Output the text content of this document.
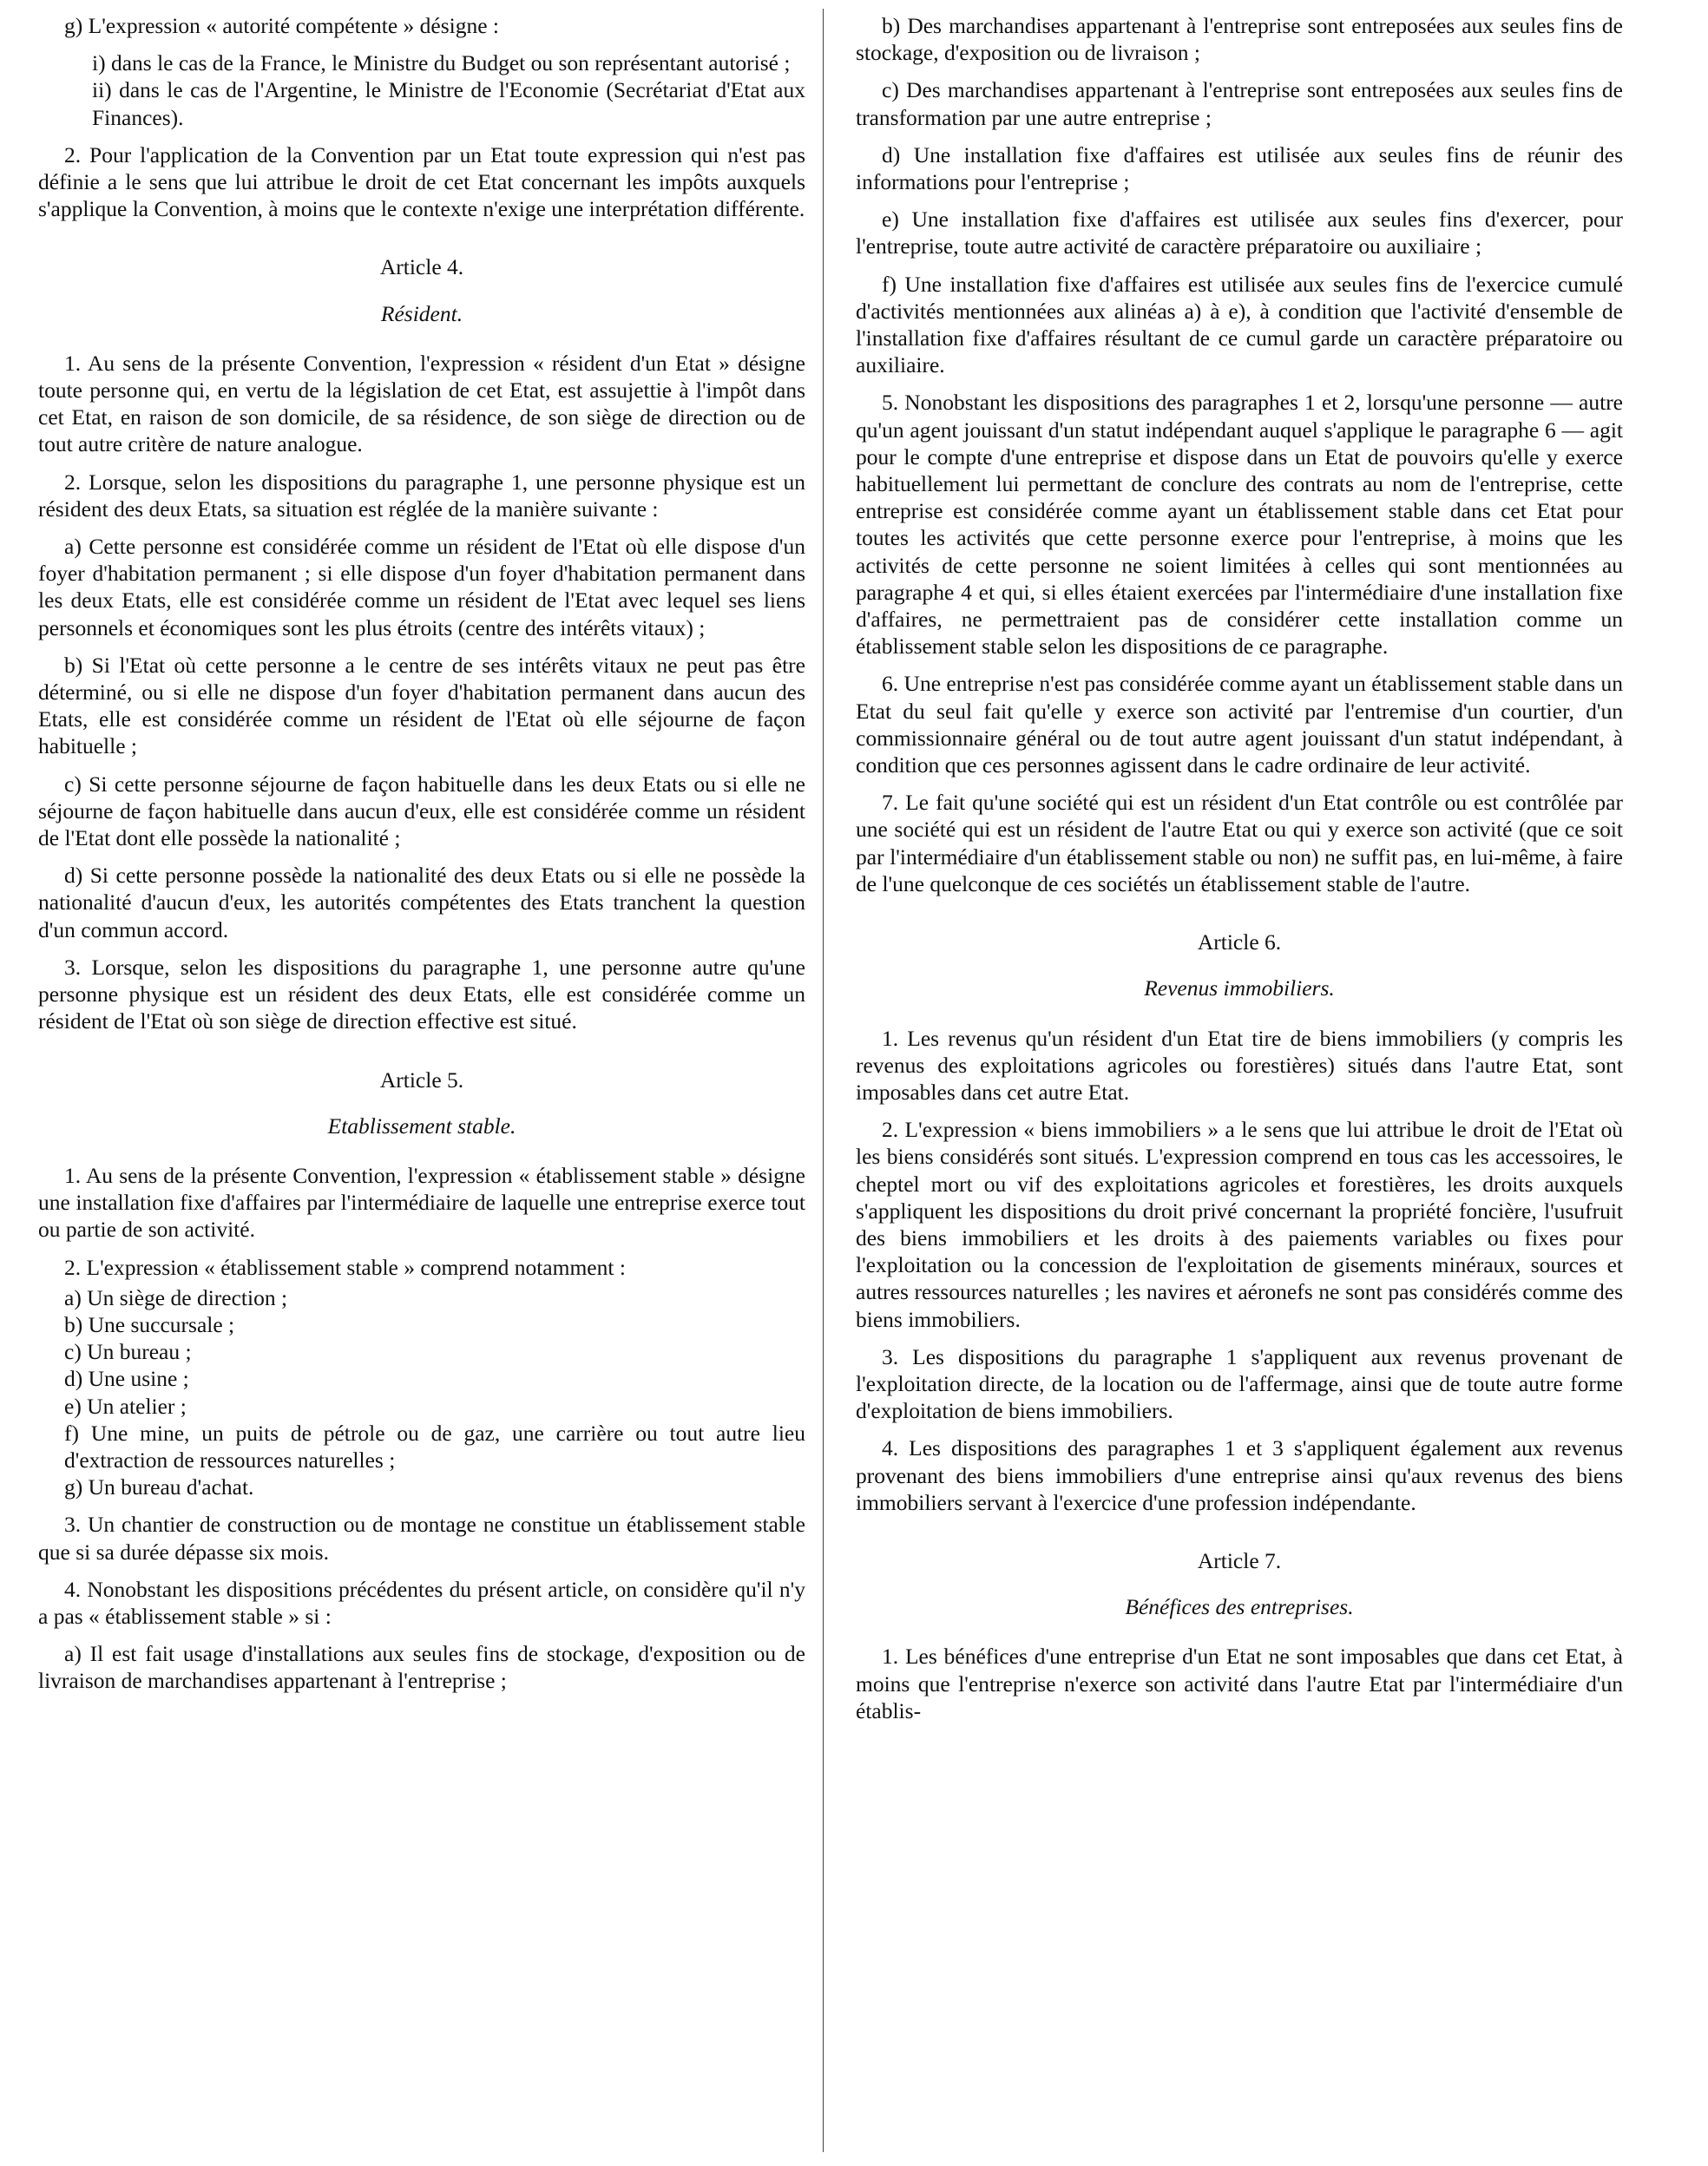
g) L'expression « autorité compétente » désigne :

i) dans le cas de la France, le Ministre du Budget ou son représentant autorisé ;

ii) dans le cas de l'Argentine, le Ministre de l'Economie (Secrétariat d'Etat aux Finances).

2. Pour l'application de la Convention par un Etat toute expression qui n'est pas définie a le sens que lui attribue le droit de cet Etat concernant les impôts auxquels s'applique la Convention, à moins que le contexte n'exige une interprétation différente.

Article 4.

Résident.

1. Au sens de la présente Convention, l'expression « résident d'un Etat » désigne toute personne qui, en vertu de la législation de cet Etat, est assujettie à l'impôt dans cet Etat, en raison de son domicile, de sa résidence, de son siège de direction ou de tout autre critère de nature analogue.

2. Lorsque, selon les dispositions du paragraphe 1, une personne physique est un résident des deux Etats, sa situation est réglée de la manière suivante :

a) Cette personne est considérée comme un résident de l'Etat où elle dispose d'un foyer d'habitation permanent ; si elle dispose d'un foyer d'habitation permanent dans les deux Etats, elle est considérée comme un résident de l'Etat avec lequel ses liens personnels et économiques sont les plus étroits (centre des intérêts vitaux) ;

b) Si l'Etat où cette personne a le centre de ses intérêts vitaux ne peut pas être déterminé, ou si elle ne dispose d'un foyer d'habitation permanent dans aucun des Etats, elle est considérée comme un résident de l'Etat où elle séjourne de façon habituelle ;

c) Si cette personne séjourne de façon habituelle dans les deux Etats ou si elle ne séjourne de façon habituelle dans aucun d'eux, elle est considérée comme un résident de l'Etat dont elle possède la nationalité ;

d) Si cette personne possède la nationalité des deux Etats ou si elle ne possède la nationalité d'aucun d'eux, les autorités compétentes des Etats tranchent la question d'un commun accord.

3. Lorsque, selon les dispositions du paragraphe 1, une personne autre qu'une personne physique est un résident des deux Etats, elle est considérée comme un résident de l'Etat où son siège de direction effective est situé.

Article 5.

Etablissement stable.

1. Au sens de la présente Convention, l'expression « établissement stable » désigne une installation fixe d'affaires par l'intermédiaire de laquelle une entreprise exerce tout ou partie de son activité.

2. L'expression « établissement stable » comprend notamment :

a) Un siège de direction ;

b) Une succursale ;

c) Un bureau ;

d) Une usine ;

e) Un atelier ;

f) Une mine, un puits de pétrole ou de gaz, une carrière ou tout autre lieu d'extraction de ressources naturelles ;

g) Un bureau d'achat.

3. Un chantier de construction ou de montage ne constitue un établissement stable que si sa durée dépasse six mois.

4. Nonobstant les dispositions précédentes du présent article, on considère qu'il n'y a pas « établissement stable » si :

a) Il est fait usage d'installations aux seules fins de stockage, d'exposition ou de livraison de marchandises appartenant à l'entreprise ;

b) Des marchandises appartenant à l'entreprise sont entreposées aux seules fins de stockage, d'exposition ou de livraison ;

c) Des marchandises appartenant à l'entreprise sont entreposées aux seules fins de transformation par une autre entreprise ;

d) Une installation fixe d'affaires est utilisée aux seules fins de réunir des informations pour l'entreprise ;

e) Une installation fixe d'affaires est utilisée aux seules fins d'exercer, pour l'entreprise, toute autre activité de caractère préparatoire ou auxiliaire ;

f) Une installation fixe d'affaires est utilisée aux seules fins de l'exercice cumulé d'activités mentionnées aux alinéas a) à e), à condition que l'activité d'ensemble de l'installation fixe d'affaires résultant de ce cumul garde un caractère préparatoire ou auxiliaire.

5. Nonobstant les dispositions des paragraphes 1 et 2, lorsqu'une personne — autre qu'un agent jouissant d'un statut indépendant auquel s'applique le paragraphe 6 — agit pour le compte d'une entreprise et dispose dans un Etat de pouvoirs qu'elle y exerce habituellement lui permettant de conclure des contrats au nom de l'entreprise, cette entreprise est considérée comme ayant un établissement stable dans cet Etat pour toutes les activités que cette personne exerce pour l'entreprise, à moins que les activités de cette personne ne soient limitées à celles qui sont mentionnées au paragraphe 4 et qui, si elles étaient exercées par l'intermédiaire d'une installation fixe d'affaires, ne permettraient pas de considérer cette installation comme un établissement stable selon les dispositions de ce paragraphe.

6. Une entreprise n'est pas considérée comme ayant un établissement stable dans un Etat du seul fait qu'elle y exerce son activité par l'entremise d'un courtier, d'un commissionnaire général ou de tout autre agent jouissant d'un statut indépendant, à condition que ces personnes agissent dans le cadre ordinaire de leur activité.

7. Le fait qu'une société qui est un résident d'un Etat contrôle ou est contrôlée par une société qui est un résident de l'autre Etat ou qui y exerce son activité (que ce soit par l'intermédiaire d'un établissement stable ou non) ne suffit pas, en lui-même, à faire de l'une quelconque de ces sociétés un établissement stable de l'autre.

Article 6.

Revenus immobiliers.

1. Les revenus qu'un résident d'un Etat tire de biens immobiliers (y compris les revenus des exploitations agricoles ou forestières) situés dans l'autre Etat, sont imposables dans cet autre Etat.

2. L'expression « biens immobiliers » a le sens que lui attribue le droit de l'Etat où les biens considérés sont situés. L'expression comprend en tous cas les accessoires, le cheptel mort ou vif des exploitations agricoles et forestières, les droits auxquels s'appliquent les dispositions du droit privé concernant la propriété foncière, l'usufruit des biens immobiliers et les droits à des paiements variables ou fixes pour l'exploitation ou la concession de l'exploitation de gisements minéraux, sources et autres ressources naturelles ; les navires et aéronefs ne sont pas considérés comme des biens immobiliers.

3. Les dispositions du paragraphe 1 s'appliquent aux revenus provenant de l'exploitation directe, de la location ou de l'affermage, ainsi que de toute autre forme d'exploitation de biens immobiliers.

4. Les dispositions des paragraphes 1 et 3 s'appliquent également aux revenus provenant des biens immobiliers d'une entreprise ainsi qu'aux revenus des biens immobiliers servant à l'exercice d'une profession indépendante.

Article 7.

Bénéfices des entreprises.

1. Les bénéfices d'une entreprise d'un Etat ne sont imposables que dans cet Etat, à moins que l'entreprise n'exerce son activité dans l'autre Etat par l'intermédiaire d'un établis-
